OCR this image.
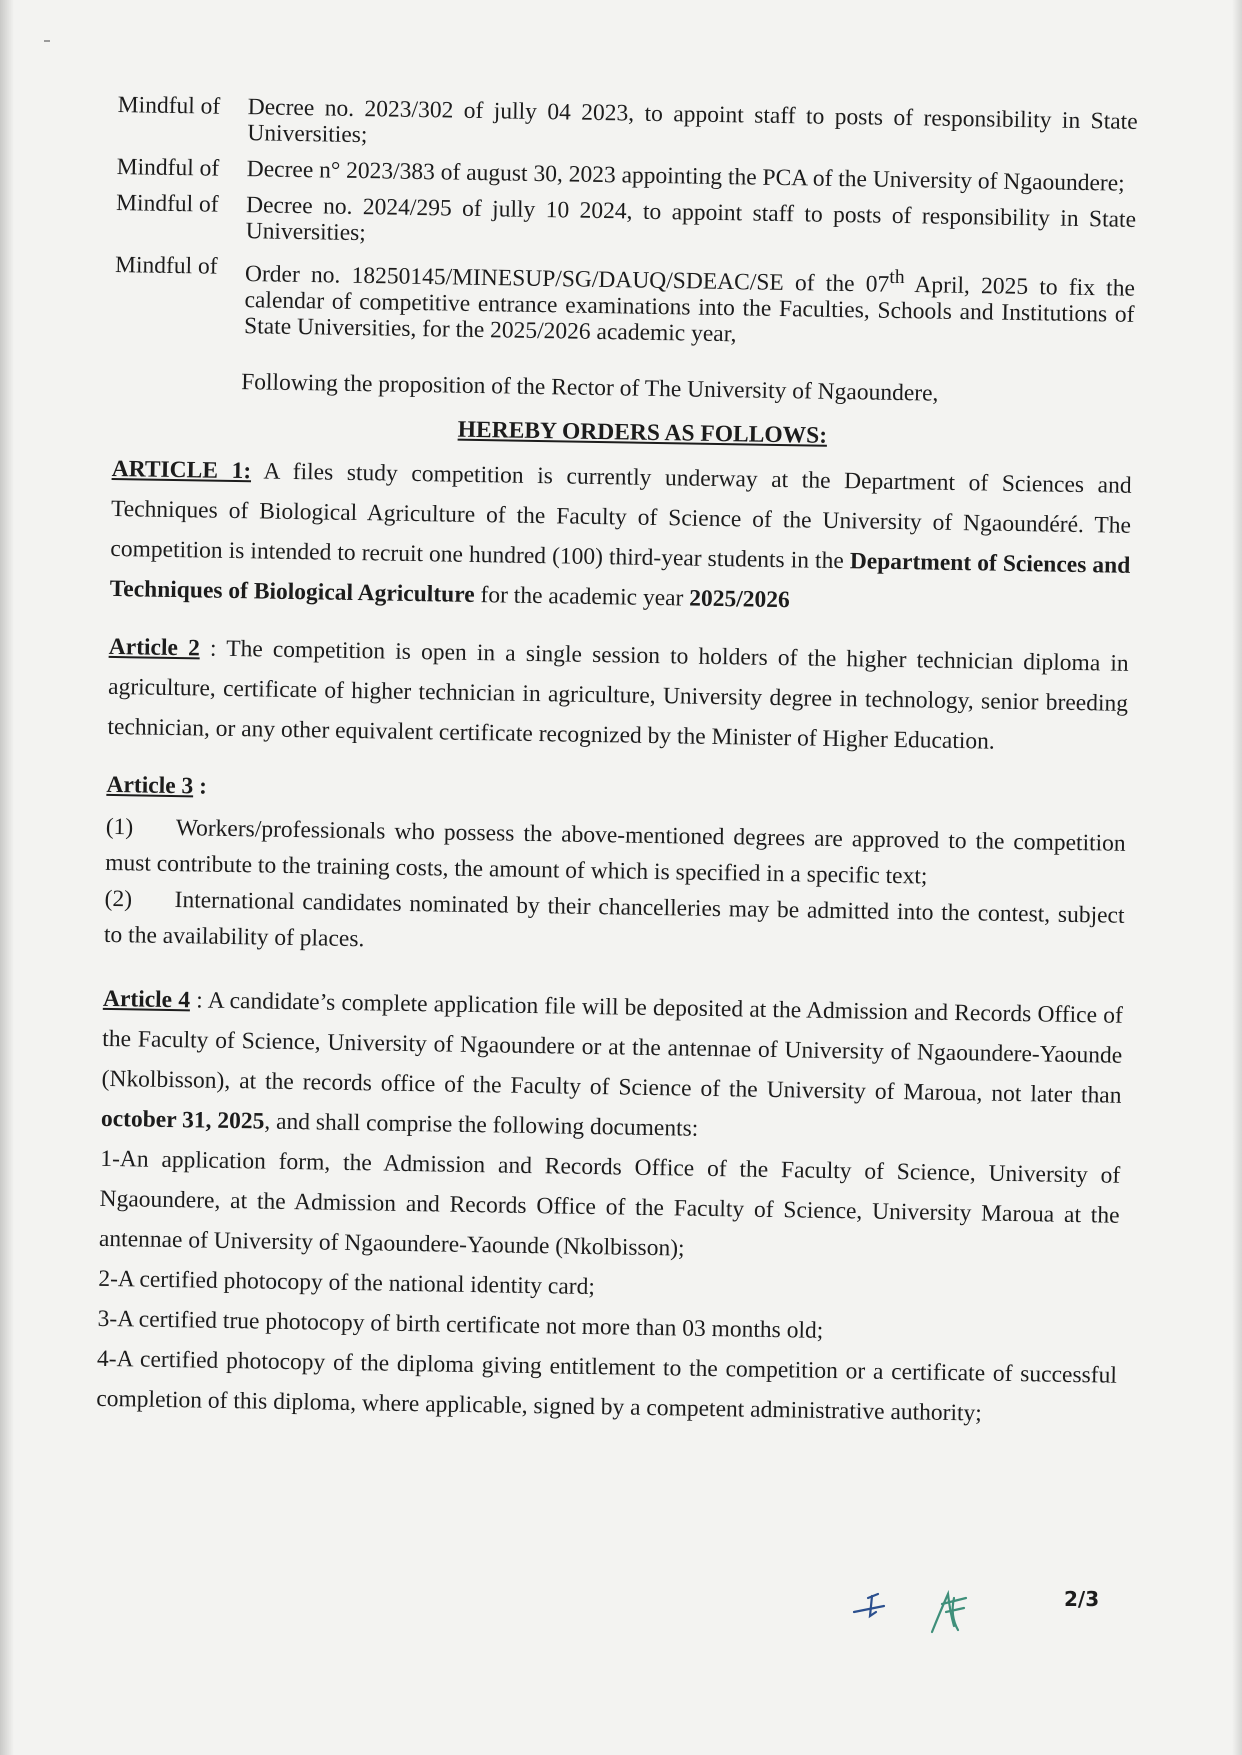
Mindful of	Decree no. 2023/302 of jully 04 2023, to appoint staff to posts of responsibility in State Universities;
Mindful of	Decree n° 2023/383 of august 30, 2023 appointing the PCA of the University of Ngaoundere;
Mindful of	Decree no. 2024/295 of jully 10 2024, to appoint staff to posts of responsibility in State Universities;
Mindful of	Order no. 18250145/MINESUP/SG/DAUQ/SDEAC/SE of the 07th April, 2025 to fix the calendar of competitive entrance examinations into the Faculties, Schools and Institutions of State Universities, for the 2025/2026 academic year,
Following the proposition of the Rector of The University of Ngaoundere,
HEREBY ORDERS AS FOLLOWS:
ARTICLE 1: A files study competition is currently underway at the Department of Sciences and Techniques of Biological Agriculture of the Faculty of Science of the University of Ngaoundéré. The competition is intended to recruit one hundred (100) third-year students in the Department of Sciences and Techniques of Biological Agriculture for the academic year 2025/2026
Article 2 : The competition is open in a single session to holders of the higher technician diploma in agriculture, certificate of higher technician in agriculture, University degree in technology, senior breeding technician, or any other equivalent certificate recognized by the Minister of Higher Education.
Article 3 :
(1) Workers/professionals who possess the above-mentioned degrees are approved to the competition must contribute to the training costs, the amount of which is specified in a specific text;
(2) International candidates nominated by their chancelleries may be admitted into the contest, subject to the availability of places.
Article 4 : A candidate’s complete application file will be deposited at the Admission and Records Office of the Faculty of Science, University of Ngaoundere or at the antennae of University of Ngaoundere-Yaounde (Nkolbisson), at the records office of the Faculty of Science of the University of Maroua, not later than october 31, 2025, and shall comprise the following documents:
1-An application form, the Admission and Records Office of the Faculty of Science, University of Ngaoundere, at the Admission and Records Office of the Faculty of Science, University Maroua at the antennae of University of Ngaoundere-Yaounde (Nkolbisson);
2-A certified photocopy of the national identity card;
3-A certified true photocopy of birth certificate not more than 03 months old;
4-A certified photocopy of the diploma giving entitlement to the competition or a certificate of successful completion of this diploma, where applicable, signed by a competent administrative authority;
2/3
